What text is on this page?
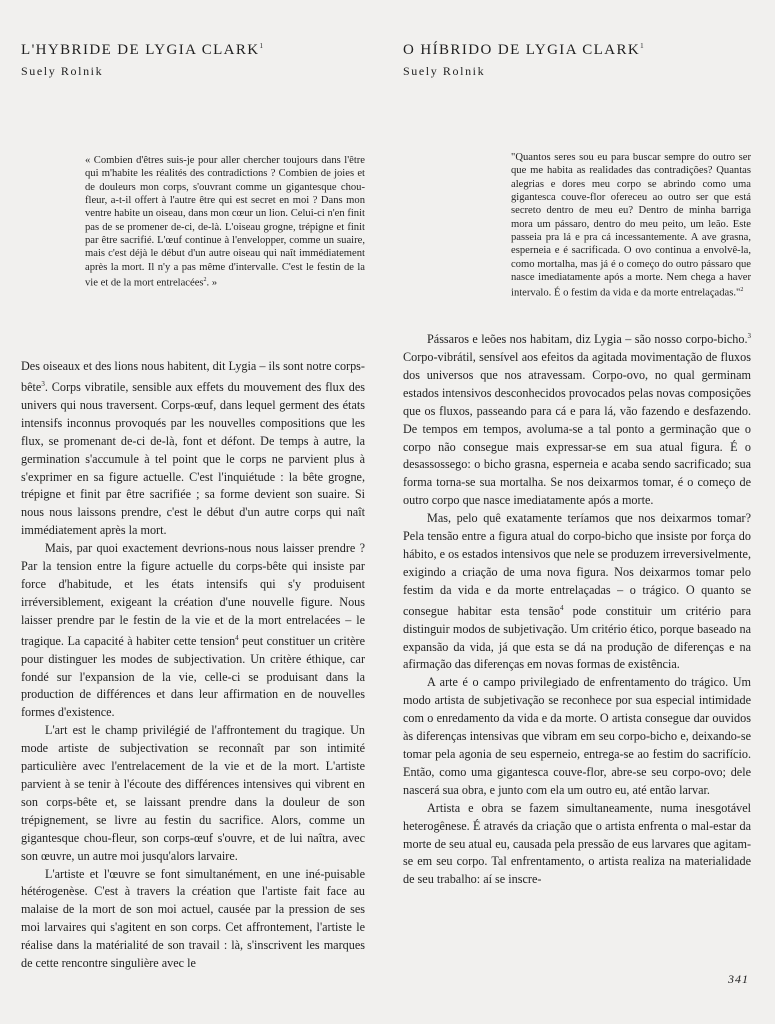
L'HYBRIDE DE LYGIA CLARK$^1$
Suely Rolnik

« Combien d'êtres suis-je pour aller chercher toujours dans l'être qui m'habite les réalités des contradictions ? Combien de joies et de douleurs mon corps, s'ouvrant comme un gigantesque chou-fleur, a-t-il offert à l'autre être qui est secret en moi ? Dans mon ventre habite un oiseau, dans mon cœur un lion. Celui-ci n'en finit pas de se promener de-ci, de-là. L'oiseau grogne, trépigne et finit par être sacrifié. L'œuf continue à l'envelopper, comme un suaire, mais c'est déjà le début d'un autre oiseau qui naît immédiatement après la mort. Il n'y a pas même d'intervalle. C'est le festin de la vie et de la mort entrelacées$^2$. »

Des oiseaux et des lions nous habitent, dit Lygia – ils sont notre corps-bête$^3$. Corps vibratile, sensible aux effets du mouvement des flux des univers qui nous traversent. Corps-œuf, dans lequel germent des états intensifs inconnus provoqués par les nouvelles compositions que les flux, se promenant de-ci de-là, font et défont. De temps à autre, la germination s'accumule à tel point que le corps ne parvient plus à s'exprimer en sa figure actuelle. C'est l'inquiétude : la bête grogne, trépigne et finit par être sacrifiée ; sa forme devient son suaire. Si nous nous laissons prendre, c'est le début d'un autre corps qui naît immédiatement après la mort.

Mais, par quoi exactement devrions-nous nous laisser prendre ? Par la tension entre la figure actuelle du corps-bête qui insiste par force d'habitude, et les états intensifs qui s'y produisent irréversiblement, exigeant la création d'une nouvelle figure. Nous laisser prendre par le festin de la vie et de la mort entrelacées – le tragique. La capacité à habiter cette tension$^4$ peut constituer un critère pour distinguer les modes de subjectivation. Un critère éthique, car fondé sur l'expansion de la vie, celle-ci se produisant dans la production de différences et dans leur affirmation en de nouvelles formes d'existence.

L'art est le champ privilégié de l'affrontement du tragique. Un mode artiste de subjectivation se reconnaît par son intimité particulière avec l'entrelacement de la vie et de la mort. L'artiste parvient à se tenir à l'écoute des différences intensives qui vibrent en son corps-bête et, se laissant prendre dans la douleur de son trépignement, se livre au festin du sacrifice. Alors, comme un gigantesque chou-fleur, son corps-œuf s'ouvre, et de lui naîtra, avec son œuvre, un autre moi jusqu'alors larvaire.

L'artiste et l'œuvre se font simultanément, en une iné-puisable hétérogenèse. C'est à travers la création que l'artiste fait face au malaise de la mort de son moi actuel, causée par la pression de ses moi larvaires qui s'agitent en son corps. Cet affrontement, l'artiste le réalise dans la matérialité de son travail : là, s'inscrivent les marques de cette rencontre singulière avec le

O HÍBRIDO DE LYGIA CLARK$^1$
Suely Rolnik

"Quantos seres sou eu para buscar sempre do outro ser que me habita as realidades das contradições? Quantas alegrias e dores meu corpo se abrindo como uma gigantesca couve-flor ofereceu ao outro ser que está secreto dentro de meu eu? Dentro de minha barriga mora um pássaro, dentro do meu peito, um leão. Este passeia pra lá e pra cá incessantemente. A ave grasna, esperneia e é sacrificada. O ovo continua a envolvê-la, como mortalha, mas já é o começo do outro pássaro que nasce imediatamente após a morte. Nem chega a haver intervalo. É o festim da vida e da morte entrelaçadas."$^2$

Pássaros e leões nos habitam, diz Lygia – são nosso corpo-bicho.$^3$ Corpo-vibrátil, sensível aos efeitos da agitada movimentação de fluxos dos universos que nos atravessam. Corpo-ovo, no qual germinam estados intensivos desconhecidos provocados pelas novas composições que os fluxos, passeando para cá e para lá, vão fazendo e desfazendo. De tempos em tempos, avoluma-se a tal ponto a germinação que o corpo não consegue mais expressar-se em sua atual figura. É o desassossego: o bicho grasna, esperneia e acaba sendo sacrificado; sua forma torna-se sua mortalha. Se nos deixarmos tomar, é o começo de outro corpo que nasce imediatamente após a morte.

Mas, pelo quê exatamente teríamos que nos deixarmos tomar? Pela tensão entre a figura atual do corpo-bicho que insiste por força do hábito, e os estados intensivos que nele se produzem irreversivelmente, exigindo a criação de uma nova figura. Nos deixarmos tomar pelo festim da vida e da morte entrelaçadas – o trágico. O quanto se consegue habitar esta tensão$^4$ pode constituir um critério para distinguir modos de subjetivação. Um critério ético, porque baseado na expansão da vida, já que esta se dá na produção de diferenças e na afirmação das diferenças em novas formas de existência.

A arte é o campo privilegiado de enfrentamento do trágico. Um modo artista de subjetivação se reconhece por sua especial intimidade com o enredamento da vida e da morte. O artista consegue dar ouvidos às diferenças intensivas que vibram em seu corpo-bicho e, deixando-se tomar pela agonia de seu esperneio, entrega-se ao festim do sacrifício. Então, como uma gigantesca couve-flor, abre-se seu corpo-ovo; dele nascerá sua obra, e junto com ela um outro eu, até então larvar.

Artista e obra se fazem simultaneamente, numa inesgotável heterogênese. É através da criação que o artista enfrenta o mal-estar da morte de seu atual eu, causada pela pressão de eus larvares que agitam-se em seu corpo. Tal enfrentamento, o artista realiza na materialidade de seu trabalho: aí se inscre-

341
